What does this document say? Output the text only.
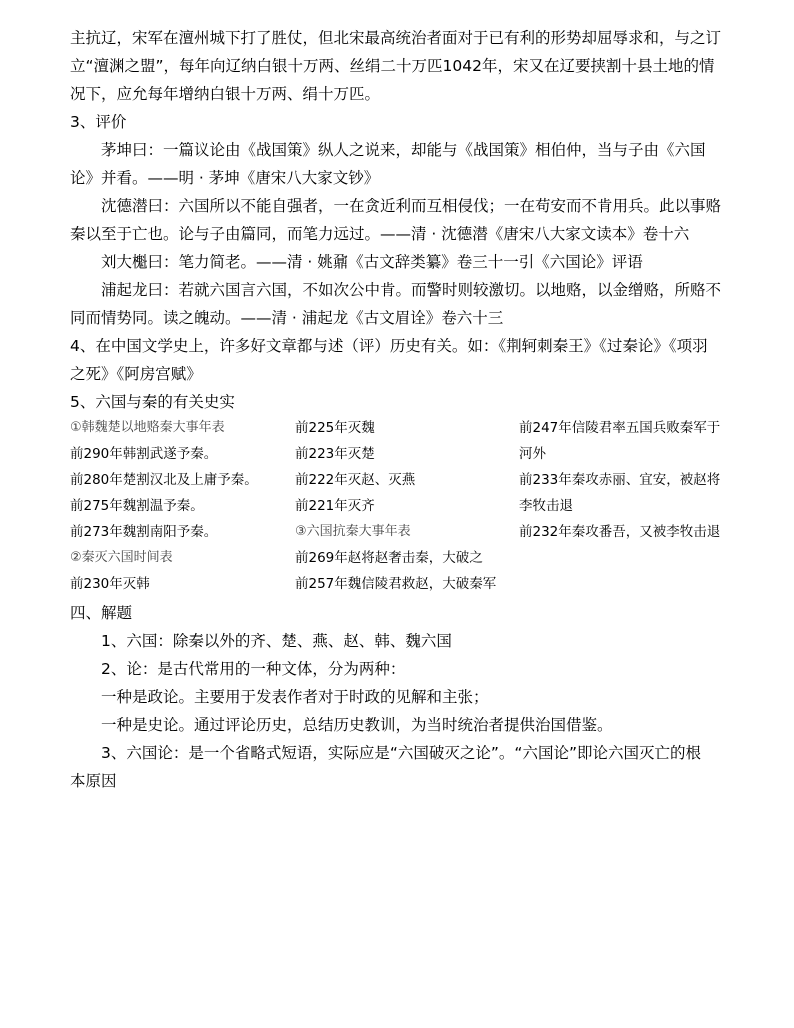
主抗辽，宋军在澶州城下打了胜仗，但北宋最高统治者面对于已有利的形势却屈辱求和，与之订
立“澶渊之盟”，每年向辽纳白银十万两、丝绢二十万匹1042年，宋又在辽要挟割十县土地的情
况下，应允每年增纳白银十万两、绢十万匹。
3、评价
茅坤曰：一篇议论由《战国策》纵人之说来，却能与《战国策》相伯仲，当与子由《六国
论》并看。——明 · 茅坤《唐宋八大家文钞》
沈德潜曰：六国所以不能自强者，一在贪近利而互相侵伐；一在苟安而不肯用兵。此以事赂
秦以至于亡也。论与子由篇同，而笔力远过。——清 · 沈德潜《唐宋八大家文读本》卷十六
刘大櫆曰：笔力简老。——清 · 姚鼐《古文辞类纂》卷三十一引《六国论》评语
浦起龙曰：若就六国言六国，不如次公中肯。而警时则较激切。以地赂，以金缯赂，所赂不
同而情势同。读之魄动。——清 · 浦起龙《古文眉诠》卷六十三
4、在中国文学史上，许多好文章都与述（评）历史有关。如：《荆轲刺秦王》《过秦论》《项羽
之死》《阿房宫赋》
5、六国与秦的有关史实
①韩魏楚以地赂秦大事年表
前290年韩割武遂予秦。
前280年楚割汉北及上庸予秦。
前275年魏割温予秦。
前273年魏割南阳予秦。
②秦灭六国时间表
前230年灭韩
前225年灭魏
前223年灭楚
前222年灭赵、灭燕
前221年灭齐
③六国抗秦大事年表
前269年赵将赵奢击秦，大破之
前257年魏信陵君救赵，大破秦军
前247年信陵君率五国兵败秦军于
河外
前233年秦攻赤丽、宜安，被赵将
李牧击退
前232年秦攻番吾，又被李牧击退
四、解题
1、六国：除秦以外的齐、楚、燕、赵、韩、魏六国
2、论：是古代常用的一种文体，分为两种：
一种是政论。主要用于发表作者对于时政的见解和主张；
一种是史论。通过评论历史，总结历史教训，为当时统治者提供治国借鉴。
3、六国论：是一个省略式短语，实际应是“六国破灭之论”。“六国论”即论六国灭亡的根
本原因
